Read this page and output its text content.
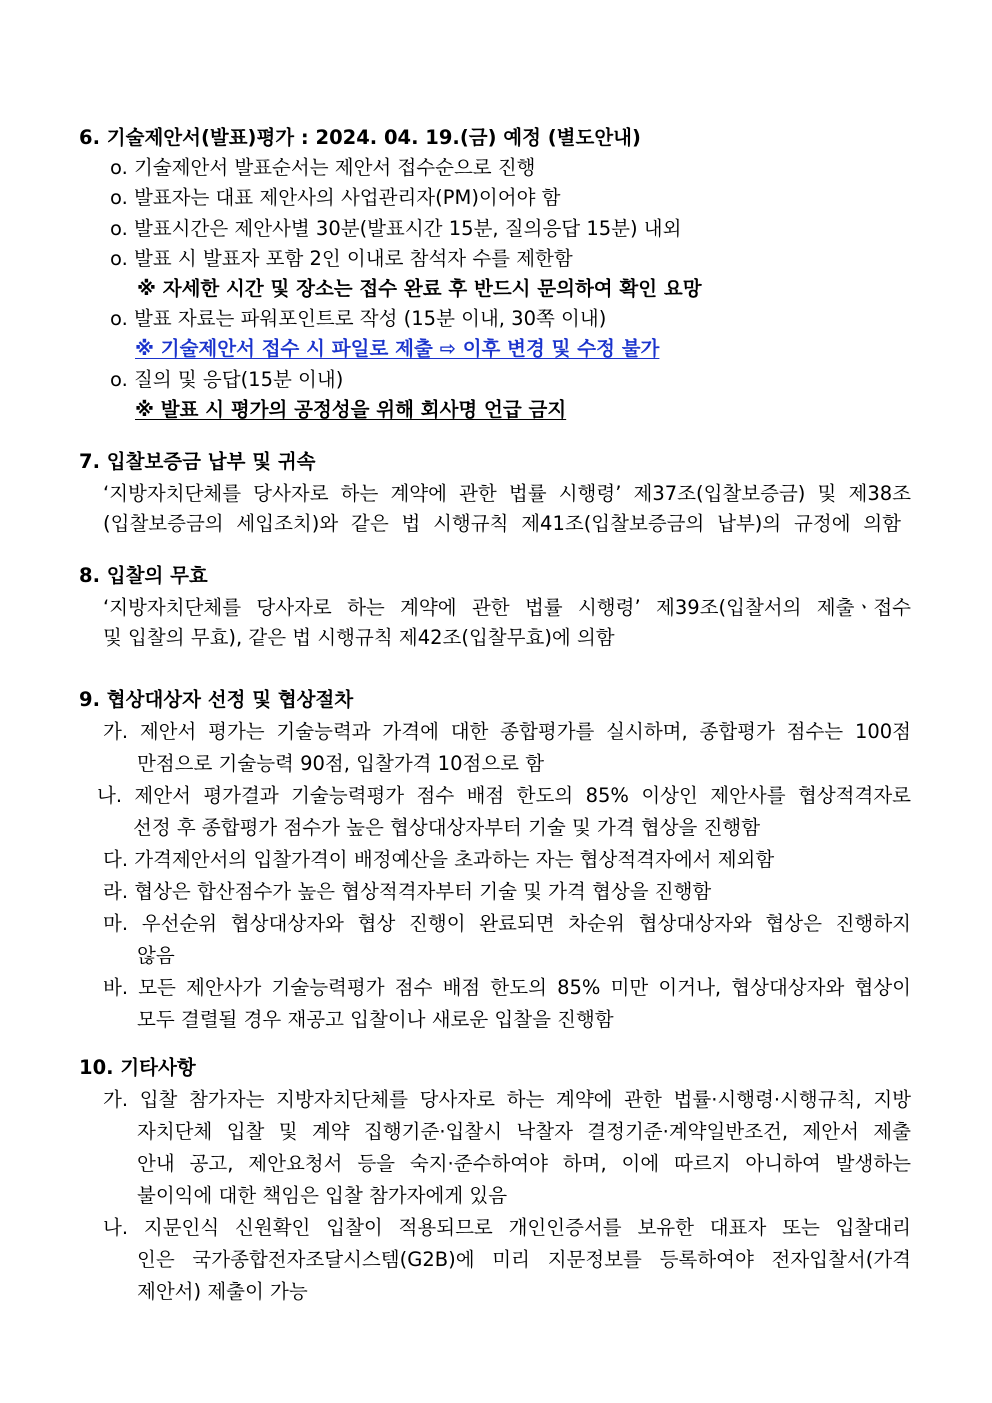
6. 기술제안서(발표)평가 : 2024. 04. 19.(금) 예정 (별도안내)
o. 기술제안서 발표순서는 제안서 접수순으로 진행
o. 발표자는 대표 제안사의 사업관리자(PM)이어야 함
o. 발표시간은 제안사별 30분(발표시간 15분, 질의응답 15분) 내외
o. 발표 시 발표자 포함 2인 이내로 참석자 수를 제한함
※ 자세한 시간 및 장소는 접수 완료 후 반드시 문의하여 확인 요망
o. 발표 자료는 파워포인트로 작성 (15분 이내, 30쪽 이내)
※ 기술제안서 접수 시 파일로 제출 ⇨ 이후 변경 및 수정 불가
o. 질의 및 응답(15분 이내)
※ 발표 시 평가의 공정성을 위해 회사명 언급 금지
7. 입찰보증금 납부 및 귀속
‘지방자치단체를 당사자로 하는 계약에 관한 법률 시행령’ 제37조(입찰보증금) 및 제38조
(입찰보증금의 세입조치)와 같은 법 시행규칙 제41조(입찰보증금의 납부)의 규정에 의함
8. 입찰의 무효
‘지방자치단체를 당사자로 하는 계약에 관한 법률 시행령’ 제39조(입찰서의 제출ㆍ접수
및 입찰의 무효), 같은 법 시행규칙 제42조(입찰무효)에 의함
9. 협상대상자 선정 및 협상절차
가. 제안서 평가는 기술능력과 가격에 대한 종합평가를 실시하며, 종합평가 점수는 100점
만점으로 기술능력 90점, 입찰가격 10점으로 함
나. 제안서 평가결과 기술능력평가 점수 배점 한도의 85% 이상인 제안사를 협상적격자로
선정 후 종합평가 점수가 높은 협상대상자부터 기술 및 가격 협상을 진행함
다. 가격제안서의 입찰가격이 배정예산을 초과하는 자는 협상적격자에서 제외함
라. 협상은 합산점수가 높은 협상적격자부터 기술 및 가격 협상을 진행함
마. 우선순위 협상대상자와 협상 진행이 완료되면 차순위 협상대상자와 협상은 진행하지
않음
바. 모든 제안사가 기술능력평가 점수 배점 한도의 85% 미만 이거나, 협상대상자와 협상이
모두 결렬될 경우 재공고 입찰이나 새로운 입찰을 진행함
10. 기타사항
가. 입찰 참가자는 지방자치단체를 당사자로 하는 계약에 관한 법률·시행령·시행규칙, 지방
자치단체 입찰 및 계약 집행기준·입찰시 낙찰자 결정기준·계약일반조건, 제안서 제출
안내 공고, 제안요청서 등을 숙지·준수하여야 하며, 이에 따르지 아니하여 발생하는
불이익에 대한 책임은 입찰 참가자에게 있음
나. 지문인식 신원확인 입찰이 적용되므로 개인인증서를 보유한 대표자 또는 입찰대리
인은 국가종합전자조달시스템(G2B)에 미리 지문정보를 등록하여야 전자입찰서(가격
제안서) 제출이 가능
